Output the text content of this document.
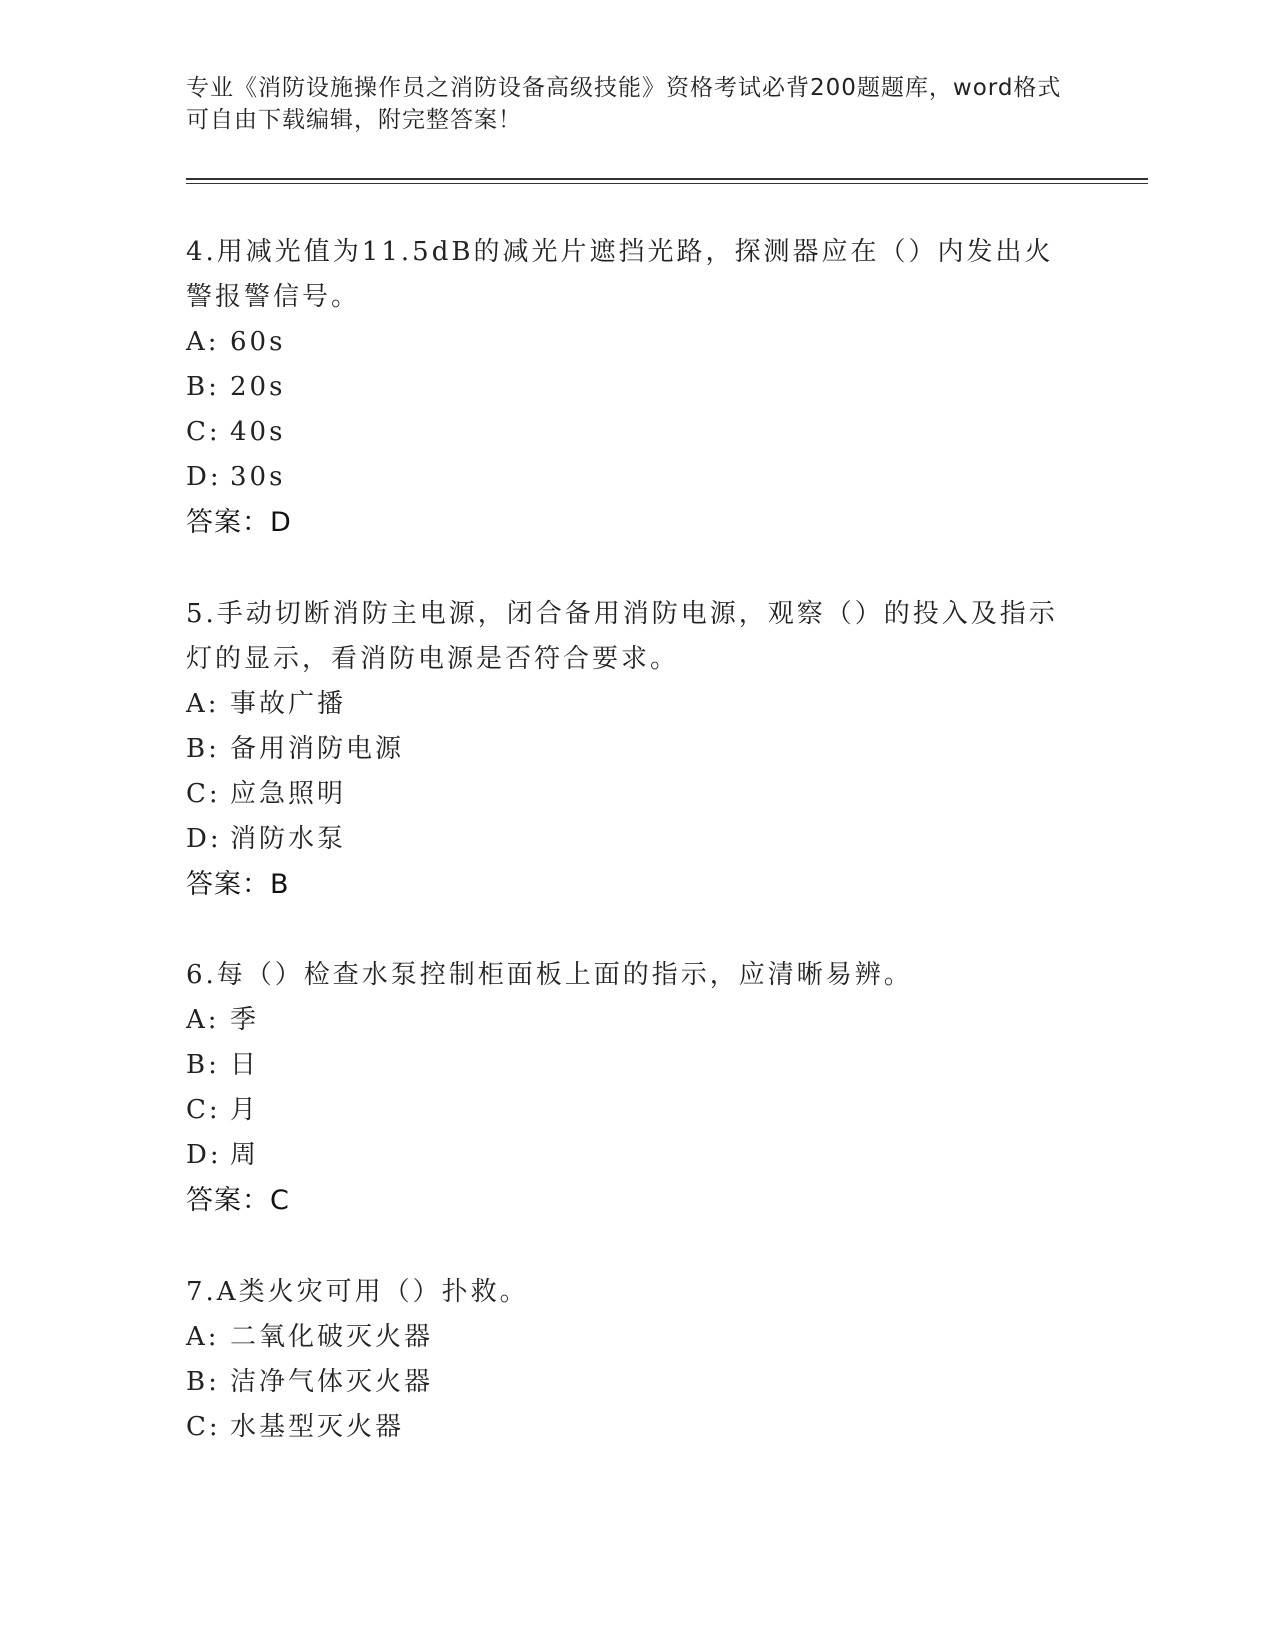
专业《消防设施操作员之消防设备高级技能》资格考试必背200题题库，word格式可自由下载编辑，附完整答案！

4.用减光值为11.5dB的减光片遮挡光路，探测器应在（）内发出火警报警信号。

A: 60s

B: 20s

C: 40s

D: 30s

答案：D

5.手动切断消防主电源，闭合备用消防电源，观察（）的投入及指示灯的显示，看消防电源是否符合要求。

A: 事故广播

B: 备用消防电源

C: 应急照明

D: 消防水泵

答案：B

6.每（）检查水泵控制柜面板上面的指示，应清晰易辨。

A: 季

B: 日

C: 月

D: 周

答案：C

7.A类火灾可用（）扑救。

A: 二氧化破灭火器

B: 洁净气体灭火器

C: 水基型灭火器
